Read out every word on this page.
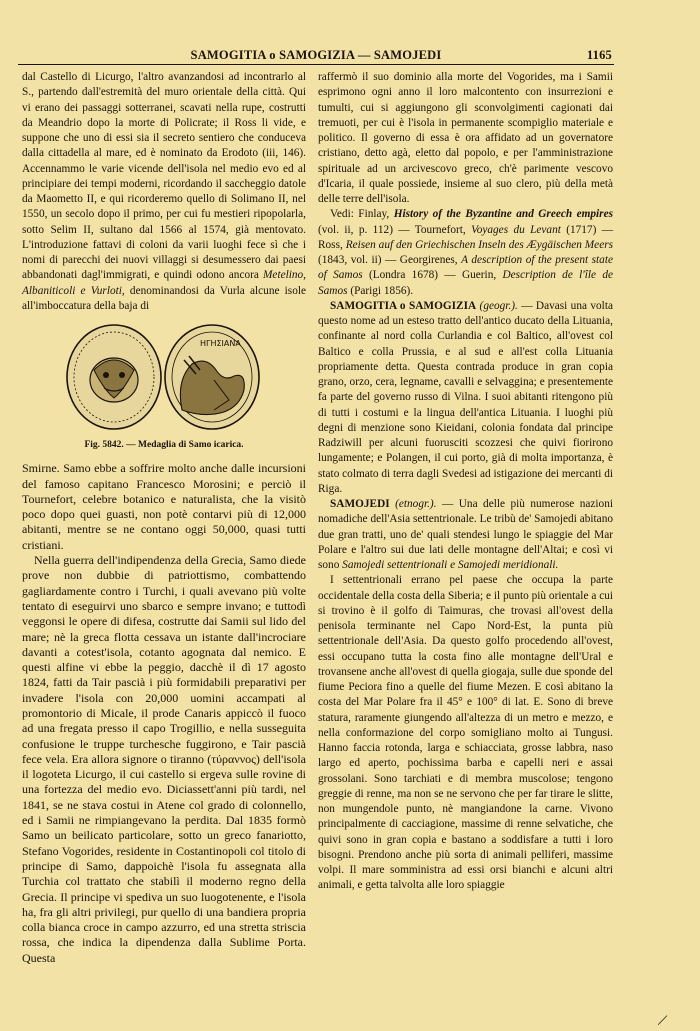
SAMOGITIA o SAMOGIZIA — SAMOJEDI	1165

dal Castello di Licurgo, l'altro avanzandosi ad incontrarlo al S., partendo dall'estremità del muro orientale della città. Qui vi erano dei passaggi sotterranei, scavati nella rupe, costrutti da Meandrio dopo la morte di Policrate; il Ross li vide, e suppone che uno di essi sia il secreto sentiero che conduceva dalla cittadella al mare, ed è nominato da Erodoto (iii, 146). Accennammo le varie vicende dell'isola nel medio evo ed al principiare dei tempi moderni, ricordando il saccheggio datole da Maometto II, e qui ricorderemo quello di Solimano II, nel 1550, un secolo dopo il primo, per cui fu mestieri ripopolarla, sotto Selim II, sultano dal 1566 al 1574, già mentovato. L'introduzione fattavi di coloni da varii luoghi fece sì che i nomi di parecchi dei nuovi villaggi si desumessero dai paesi abbandonati dagl'immigrati, e quindi odono ancora Metelino, Albaniticoli e Vurloti, denominandosi da Vurla alcune isole all'imboccatura della baja di

ΗΓΗΣΙΑΝΑ
Fig. 5842. — Medaglia di Samo icarica.

Smirne. Samo ebbe a soffrire molto anche dalle incursioni del famoso capitano Francesco Morosini; e perciò il Tournefort, celebre botanico e naturalista, che la visitò poco dopo quei guasti, non potè contarvi più di 12,000 abitanti, mentre se ne contano oggi 50,000, quasi tutti cristiani.

Nella guerra dell'indipendenza della Grecia, Samo diede prove non dubbie di patriottismo, combattendo gagliardamente contro i Turchi, i quali avevano più volte tentato di eseguirvi uno sbarco e sempre invano; e tuttodì veggonsi le opere di difesa, costrutte dai Samii sul lido del mare; nè la greca flotta cessava un istante dall'incrociare davanti a cotest'isola, cotanto agognata dal nemico. E questi alfine vi ebbe la peggio, dacchè il dì 17 agosto 1824, fatti da Tair pascià i più formidabili preparativi per invadere l'isola con 20,000 uomini accampati al promontorio di Micale, il prode Canaris appiccò il fuoco ad una fregata presso il capo Trogillio, e nella susseguita confusione le truppe turchesche fuggirono, e Tair pascià fece vela. Era allora signore o tiranno (τύραννος) dell'isola il logoteta Licurgo, il cui castello si ergeva sulle rovine di una fortezza del medio evo. Diciassett'anni più tardi, nel 1841, se ne stava costui in Atene col grado di colonnello, ed i Samii ne rimpiangevano la perdita. Dal 1835 formò Samo un beilicato particolare, sotto un greco fanariotto, Stefano Vogorides, residente in Costantinopoli col titolo di principe di Samo, dappoichè l'isola fu assegnata alla Turchia col trattato che stabilì il moderno regno della Grecia. Il principe vi spediva un suo luogotenente, e l'isola ha, fra gli altri privilegi, pur quello di una bandiera propria colla bianca croce in campo azzurro, ed una stretta striscia rossa, che indica la dipendenza dalla Sublime Porta. Questa

raffermò il suo dominio alla morte del Vogorides, ma i Samii esprimono ogni anno il loro malcontento con insurrezioni e tumulti, cui si aggiungono gli sconvolgimenti cagionati dai tremuoti, per cui è l'isola in permanente scompiglio materiale e politico. Il governo di essa è ora affidato ad un governatore cristiano, detto agà, eletto dal popolo, e per l'amministrazione spirituale ad un arcivescovo greco, ch'è parimente vescovo d'Icaria, il quale possiede, insieme al suo clero, più della metà delle terre dell'isola.

Vedi: Finlay, History of the Byzantine and Greech empires (vol. ii, p. 112) — Tournefort, Voyages du Levant (1717) — Ross, Reisen auf den Griechischen Inseln des Æygäischen Meers (1843, vol. ii) — Georgirenes, A description of the present state of Samos (Londra 1678) — Guerin, Description de l'île de Samos (Parigi 1856).

SAMOGITIA o SAMOGIZIA (geogr.). — Davasi una volta questo nome ad un esteso tratto dell'antico ducato della Lituania, confinante al nord colla Curlandia e col Baltico, all'ovest col Baltico e colla Prussia, e al sud e all'est colla Lituania propriamente detta. Questa contrada produce in gran copia grano, orzo, cera, legname, cavalli e selvaggina; e presentemente fa parte del governo russo di Vilna. I suoi abitanti ritengono più di tutti i costumi e la lingua dell'antica Lituania. I luoghi più degni di menzione sono Kieidani, colonia fondata dal principe Radziwill per alcuni fuorusciti scozzesi che quivi fiorirono lungamente; e Polangen, il cui porto, già di molta importanza, è stato colmato di terra dagli Svedesi ad istigazione dei mercanti di Riga.

SAMOJEDI (etnogr.). — Una delle più numerose nazioni nomadiche dell'Asia settentrionale. Le tribù de' Samojedi abitano due gran tratti, uno de' quali stendesi lungo le spiaggie del Mar Polare e l'altro sui due lati delle montagne dell'Altai; e così vi sono Samojedi settentrionali e Samojedi meridionali.

I settentrionali errano pel paese che occupa la parte occidentale della costa della Siberia; e il punto più orientale a cui si trovino è il golfo di Taimuras, che trovasi all'ovest della penisola terminante nel Capo Nord-Est, la punta più settentrionale dell'Asia. Da questo golfo procedendo all'ovest, essi occupano tutta la costa fino alle montagne dell'Ural e trovansene anche all'ovest di quella giogaja, sulle due sponde del fiume Peciora fino a quelle del fiume Mezen. E così abitano la costa del Mar Polare fra il 45° e 100° di lat. E. Sono di breve statura, raramente giungendo all'altezza di un metro e mezzo, e nella conformazione del corpo somigliano molto ai Tungusi. Hanno faccia rotonda, larga e schiacciata, grosse labbra, naso largo ed aperto, pochissima barba e capelli neri e assai grossolani. Sono tarchiati e di membra muscolose; tengono greggie di renne, ma non se ne servono che per far tirare le slitte, non mungendole punto, nè mangiandone la carne. Vivono principalmente di cacciagione, massime di renne selvatiche, che quivi sono in gran copia e bastano a soddisfare a tutti i loro bisogni. Prendono anche più sorta di animali pelliferi, massime volpi. Il mare somministra ad essi orsi bianchi e alcuni altri animali, e getta talvolta alle loro spiaggie

/
